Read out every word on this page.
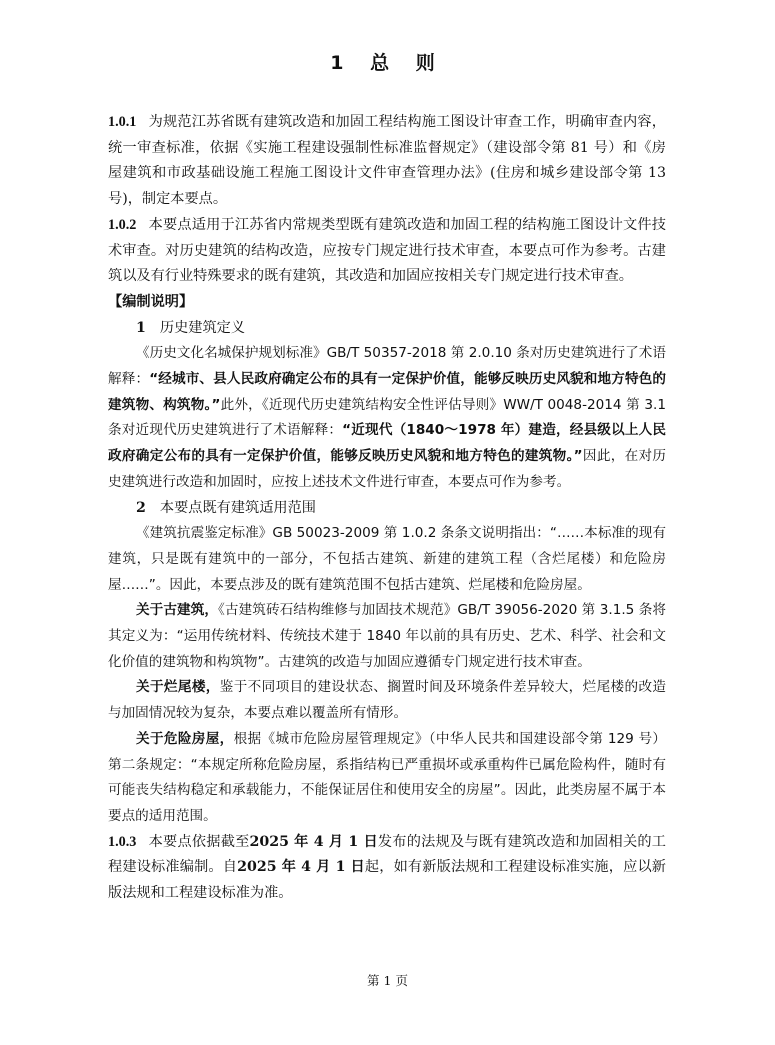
1 总 则

1.0.1 为规范江苏省既有建筑改造和加固工程结构施工图设计审查工作，明确审查内容，统一审查标准，依据《实施工程建设强制性标准监督规定》（建设部令第 81 号）和《房屋建筑和市政基础设施工程施工图设计文件审查管理办法》(住房和城乡建设部令第 13 号)，制定本要点。

1.0.2 本要点适用于江苏省内常规类型既有建筑改造和加固工程的结构施工图设计文件技术审查。对历史建筑的结构改造，应按专门规定进行技术审查，本要点可作为参考。古建筑以及有行业特殊要求的既有建筑，其改造和加固应按相关专门规定进行技术审查。

【编制说明】

1 历史建筑定义

《历史文化名城保护规划标准》GB/T 50357-2018 第 2.0.10 条对历史建筑进行了术语解释：“经城市、县人民政府确定公布的具有一定保护价值，能够反映历史风貌和地方特色的建筑物、构筑物。”此外，《近现代历史建筑结构安全性评估导则》WW/T 0048-2014 第 3.1 条对近现代历史建筑进行了术语解释：“近现代（1840～1978 年）建造，经县级以上人民政府确定公布的具有一定保护价值，能够反映历史风貌和地方特色的建筑物。”因此，在对历史建筑进行改造和加固时，应按上述技术文件进行审查，本要点可作为参考。

2 本要点既有建筑适用范围

《建筑抗震鉴定标准》GB 50023-2009 第 1.0.2 条条文说明指出：“……本标准的现有建筑，只是既有建筑中的一部分，不包括古建筑、新建的建筑工程（含烂尾楼）和危险房屋……”。因此，本要点涉及的既有建筑范围不包括古建筑、烂尾楼和危险房屋。

关于古建筑，《古建筑砖石结构维修与加固技术规范》GB/T 39056-2020 第 3.1.5 条将其定义为：“运用传统材料、传统技术建于 1840 年以前的具有历史、艺术、科学、社会和文化价值的建筑物和构筑物”。古建筑的改造与加固应遵循专门规定进行技术审查。

关于烂尾楼，鉴于不同项目的建设状态、搁置时间及环境条件差异较大，烂尾楼的改造与加固情况较为复杂，本要点难以覆盖所有情形。

关于危险房屋，根据《城市危险房屋管理规定》（中华人民共和国建设部令第 129 号）第二条规定：“本规定所称危险房屋，系指结构已严重损坏或承重构件已属危险构件，随时有可能丧失结构稳定和承载能力，不能保证居住和使用安全的房屋”。因此，此类房屋不属于本要点的适用范围。

1.0.3 本要点依据截至2025 年 4 月 1 日发布的法规及与既有建筑改造和加固相关的工程建设标准编制。自2025 年 4 月 1 日起，如有新版法规和工程建设标准实施，应以新版法规和工程建设标准为准。

第 1 页
